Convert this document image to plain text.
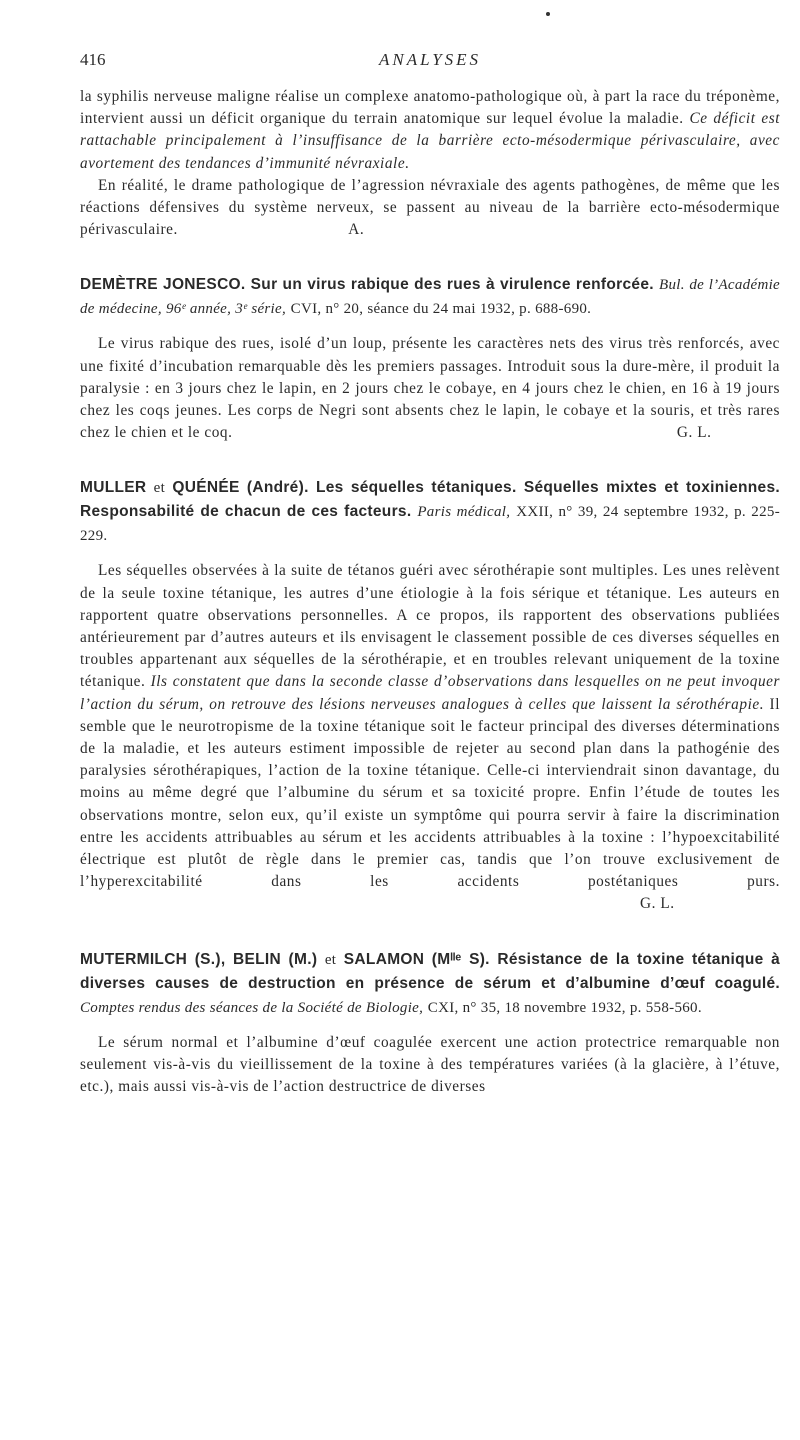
416	ANALYSES

la syphilis nerveuse maligne réalise un complexe anatomo-pathologique où, à part la race du tréponème, intervient aussi un déficit organique du terrain anatomique sur lequel évolue la maladie. Ce déficit est rattachable principalement à l’insuffisance de la barrière ecto-mésodermique périvasculaire, avec avortement des tendances d’immunité névraxiale.

En réalité, le drame pathologique de l’agression névraxiale des agents pathogènes, de même que les réactions défensives du système nerveux, se passent au niveau de la barrière ecto-mésodermique périvasculaire.	A.

DEMÈTRE JONESCO. Sur un virus rabique des rues à virulence renforcée. Bul. de l’Académie de médecine, 96ᵉ année, 3ᵉ série, CVI, n° 20, séance du 24 mai 1932, p. 688-690.

Le virus rabique des rues, isolé d’un loup, présente les caractères nets des virus très renforcés, avec une fixité d’incubation remarquable dès les premiers passages. Introduit sous la dure-mère, il produit la paralysie : en 3 jours chez le lapin, en 2 jours chez le cobaye, en 4 jours chez le chien, en 16 à 19 jours chez les coqs jeunes. Les corps de Negri sont absents chez le lapin, le cobaye et la souris, et très rares chez le chien et le coq.	G. L.

MULLER et QUÉNÉE (André). Les séquelles tétaniques. Séquelles mixtes et toxiniennes. Responsabilité de chacun de ces facteurs. Paris médical, XXII, n° 39, 24 septembre 1932, p. 225-229.

Les séquelles observées à la suite de tétanos guéri avec sérothérapie sont multiples. Les unes relèvent de la seule toxine tétanique, les autres d’une étiologie à la fois sérique et tétanique. Les auteurs en rapportent quatre observations personnelles. A ce propos, ils rapportent des observations publiées antérieurement par d’autres auteurs et ils envisagent le classement possible de ces diverses séquelles en troubles appartenant aux séquelles de la sérothérapie, et en troubles relevant uniquement de la toxine tétanique. Ils constatent que dans la seconde classe d’observations dans lesquelles on ne peut invoquer l’action du sérum, on retrouve des lésions nerveuses analogues à celles que laissent la sérothérapie. Il semble que le neurotropisme de la toxine tétanique soit le facteur principal des diverses déterminations de la maladie, et les auteurs estiment impossible de rejeter au second plan dans la pathogénie des paralysies sérothérapiques, l’action de la toxine tétanique. Celle-ci interviendrait sinon davantage, du moins au même degré que l’albumine du sérum et sa toxicité propre. Enfin l’étude de toutes les observations montre, selon eux, qu’il existe un symptôme qui pourra servir à faire la discrimination entre les accidents attribuables au sérum et les accidents attribuables à la toxine : l’hypoexcitabilité électrique est plutôt de règle dans le premier cas, tandis que l’on trouve exclusivement de l’hyperexcitabilité dans les accidents postétaniques purs. G. L.

MUTERMILCH (S.), BELIN (M.) et SALAMON (Mˡˡᵉ S). Résistance de la toxine tétanique à diverses causes de destruction en présence de sérum et d’albumine d’œuf coagulé. Comptes rendus des séances de la Société de Biologie, CXI, n° 35, 18 novembre 1932, p. 558-560.

Le sérum normal et l’albumine d’œuf coagulée exercent une action protectrice remarquable non seulement vis-à-vis du vieillissement de la toxine à des températures variées (à la glacière, à l’étuve, etc.), mais aussi vis-à-vis de l’action destructrice de diverses
